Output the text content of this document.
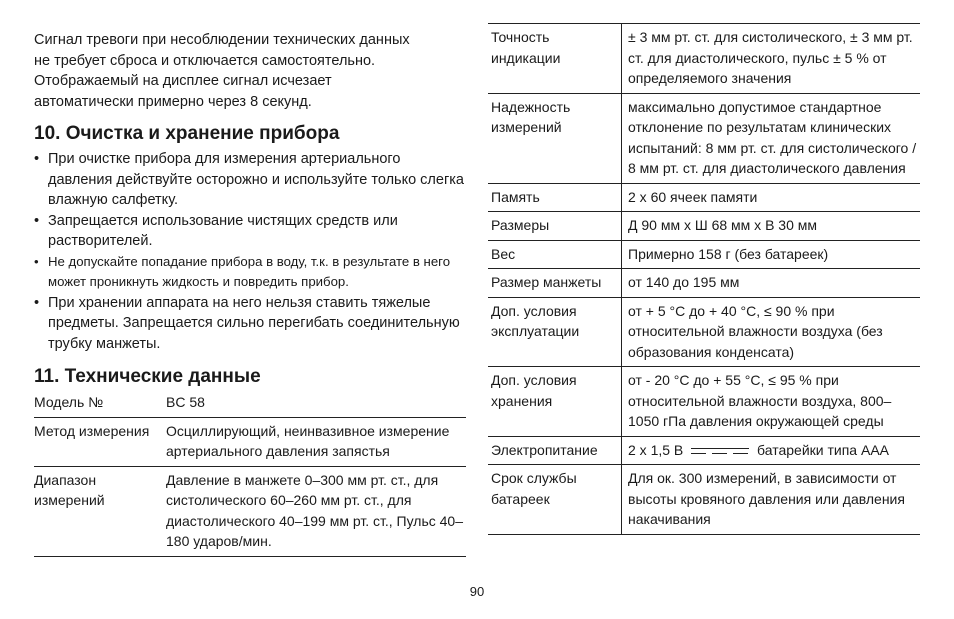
Сигнал тревоги при несоблюдении технических данных

не требует сброса и отключается самостоятельно.

Отображаемый на дисплее сигнал исчезает

автоматически примерно через 8 секунд.

10. Очистка и хранение прибора
• При очистке прибора для измерения артериального давления действуйте осторожно и используйте только слегка влажную салфетку.
• Запрещается использование чистящих средств или растворителей.
• Не допускайте попадание прибора в воду, т.к. в результате в него может проникнуть жидкость и повредить прибор.
• При хранении аппарата на него нельзя ставить тяжелые предметы. Запрещается сильно перегибать соединительную трубку манжеты.
11. Технические данные
Модель №	BC 58
Метод измерения	Осциллирующий, неинвазивное измерение артериального давления запястья
Диапазон измерений	Давление в манжете 0–300 мм рт. ст., для систолического 60–260 мм рт. ст., для диастолического 40–199 мм рт. ст., Пульс 40–180 ударов/мин.
Точность индикации	± 3 мм рт. ст. для систолического, ± 3 мм рт. ст. для диастолического, пульс ± 5 % от определяемого значения
Надежность измерений	максимально допустимое стандартное отклонение по результатам клинических испытаний: 8 мм рт. ст. для систолического / 8 мм рт. ст. для диастолического давления
Память	2 x 60 ячеек памяти
Размеры	Д 90 мм x Ш 68 мм x В 30 мм
Вес	Примерно 158 г (без батареек)
Размер манжеты	от 140 до 195 мм
Доп. условия эксплуатации	от + 5 °C до + 40 °C, ≤ 90 % при относительной влажности воздуха (без образования конденсата)
Доп. условия хранения	от - 20 °C до + 55 °C, ≤ 95 % при относительной влажности воздуха, 800–1050 гПа давления окружающей среды
Электропитание	2 x 1,5 В батарейки типа AAA
Срок службы батареек	Для ок. 300 измерений, в зависимости от высоты кровяного давления или давления накачивания
90
